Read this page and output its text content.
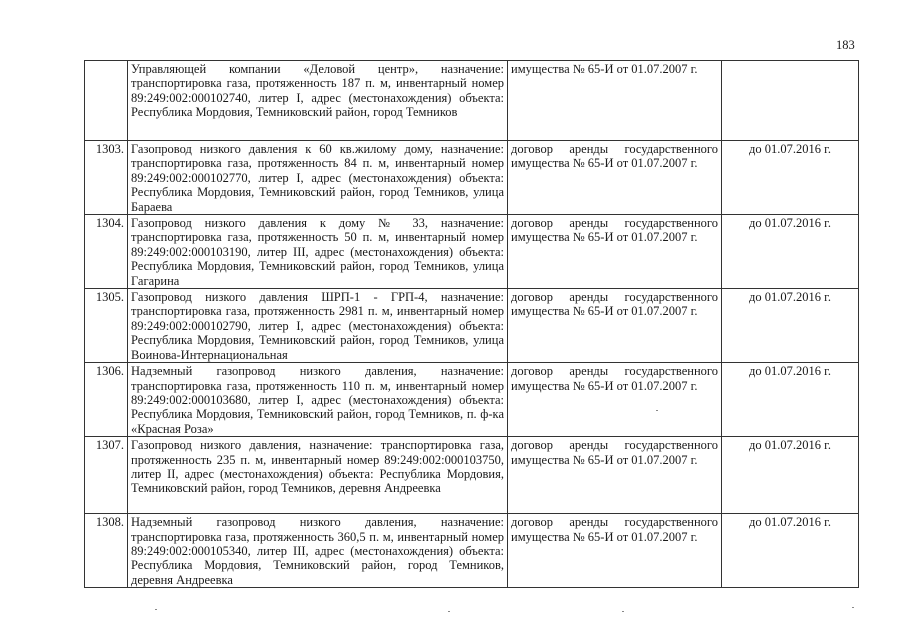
183
	Управляющей компании «Деловой центр», назначение: транспортировка газа, протяженность 187 п. м, инвентарный номер 89:249:002:000102740, литер I, адрес (местонахождения) объекта: Республика Мордовия, Темниковский район, город Темников	имущества № 65-И от 01.07.2007 г.	
1303.	Газопровод низкого давления к 60 кв.жилому дому, назначение: транспортировка газа, протяженность 84 п. м, инвентарный номер 89:249:002:000102770, литер I, адрес (местонахождения) объекта: Республика Мордовия, Темниковский район, город Темников, улица Бараева	договор аренды государственного имущества № 65-И от 01.07.2007 г.	до 01.07.2016 г.
1304.	Газопровод низкого давления к дому № 33, назначение: транспортировка газа, протяженность 50 п. м, инвентарный номер 89:249:002:000103190, литер III, адрес (местонахождения) объекта: Республика Мордовия, Темниковский район, город Темников, улица Гагарина	договор аренды государственного имущества № 65-И от 01.07.2007 г.	до 01.07.2016 г.
1305.	Газопровод низкого давления ШРП-1 - ГРП-4, назначение: транспортировка газа, протяженность 2981 п. м, инвентарный номер 89:249:002:000102790, литер I, адрес (местонахождения) объекта: Республика Мордовия, Темниковский район, город Темников, улица Воинова-Интернациональная	договор аренды государственного имущества № 65-И от 01.07.2007 г.	до 01.07.2016 г.
1306.	Надземный газопровод низкого давления, назначение: транспортировка газа, протяженность 110 п. м, инвентарный номер 89:249:002:000103680, литер I, адрес (местонахождения) объекта: Республика Мордовия, Темниковский район, город Темников, п. ф-ка «Красная Роза»	договор аренды государственного имущества № 65-И от 01.07.2007 г.	до 01.07.2016 г.
1307.	Газопровод низкого давления, назначение: транспортировка газа, протяженность 235 п. м, инвентарный номер 89:249:002:000103750, литер II, адрес (местонахождения) объекта: Республика Мордовия, Темниковский район, город Темников, деревня Андреевка	договор аренды государственного имущества № 65-И от 01.07.2007 г.	до 01.07.2016 г.
1308.	Надземный газопровод низкого давления, назначение: транспортировка газа, протяженность 360,5 п. м, инвентарный номер 89:249:002:000105340, литер III, адрес (местонахождения) объекта: Республика Мордовия, Темниковский район, город Темников, деревня Андреевка	договор аренды государственного имущества № 65-И от 01.07.2007 г.	до 01.07.2016 г.
